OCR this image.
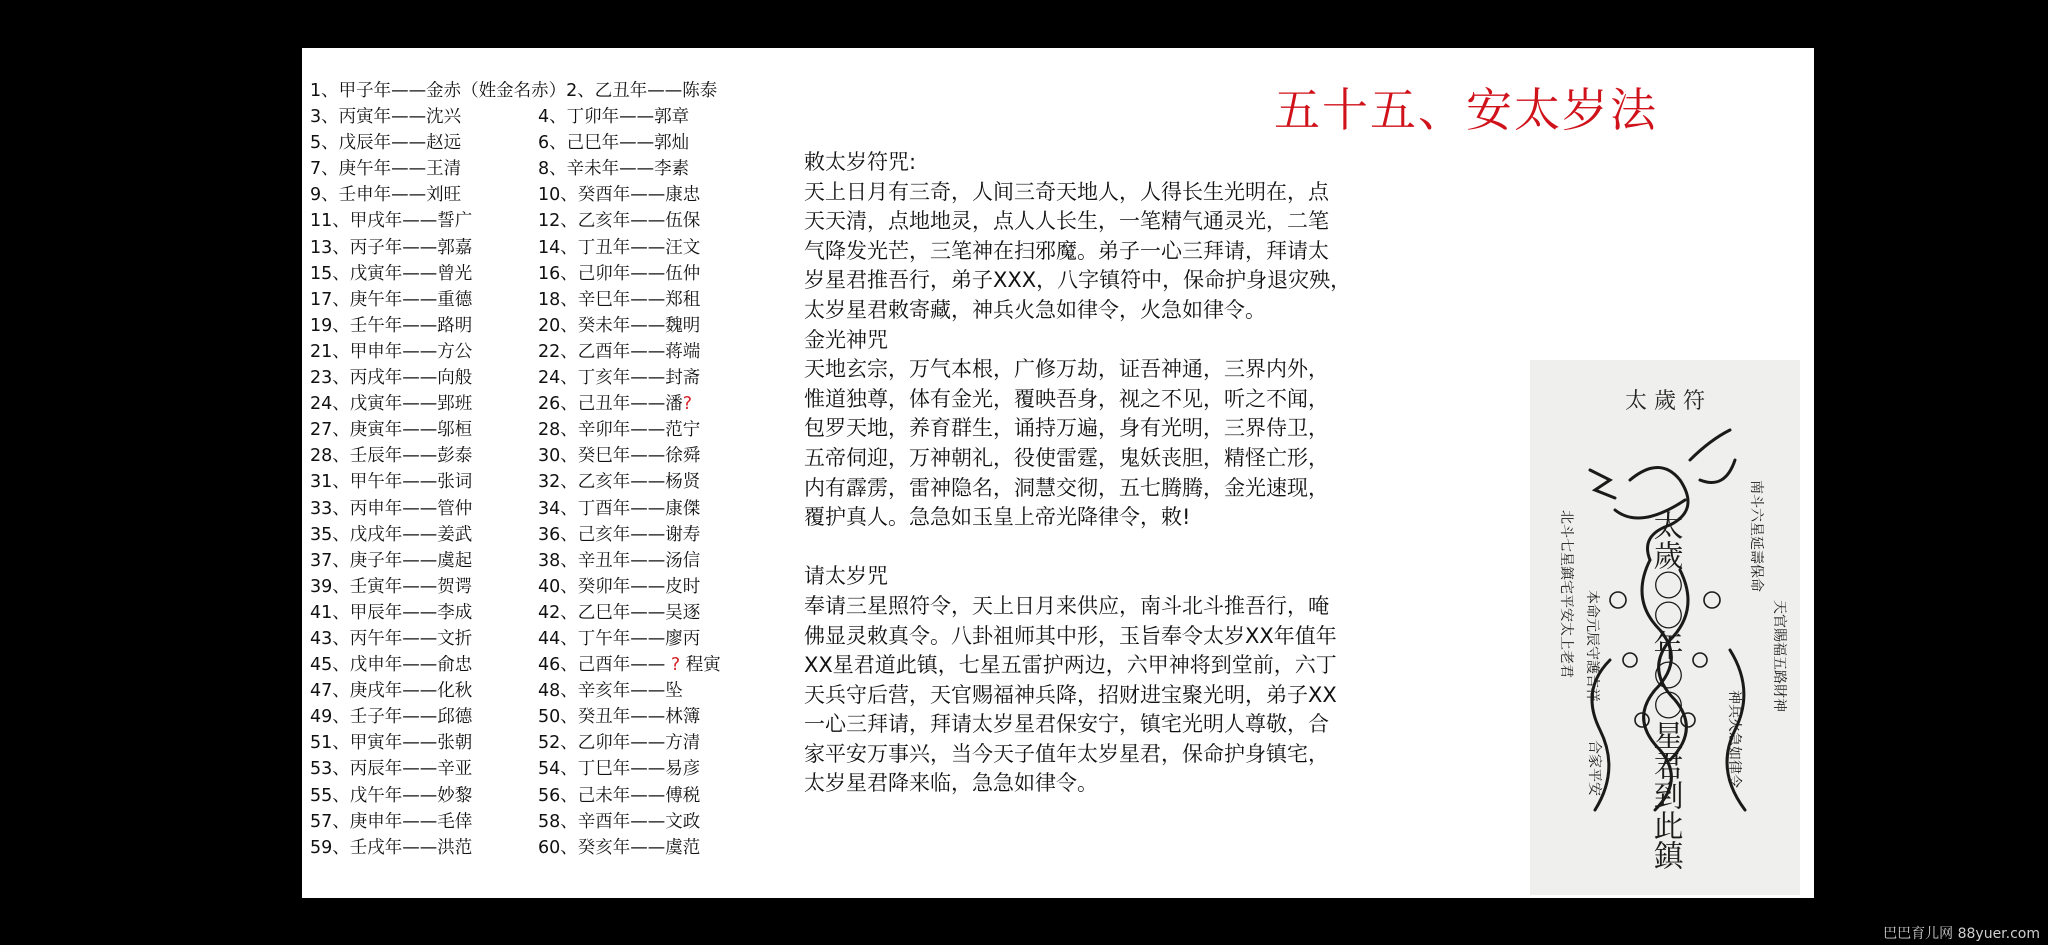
1、甲子年——金赤（姓金名赤）2、乙丑年——陈泰
3、丙寅年——沈兴	4、丁卯年——郭章
5、戊辰年——赵远	6、己巳年——郭灿
7、庚午年——王清	8、辛未年——李素
9、壬申年——刘旺	10、癸酉年——康忠
11、甲戌年——誓广	12、乙亥年——伍保
13、丙子年——郭嘉	14、丁丑年——汪文
15、戊寅年——曾光	16、己卯年——伍仲
17、庚午年——重德	18、辛巳年——郑租
19、壬午年——路明	20、癸未年——魏明
21、甲申年——方公	22、乙酉年——蒋端
23、丙戌年——向般	24、丁亥年——封斋
24、戊寅年——郢班	26、己丑年——潘?
27、庚寅年——邬桓	28、辛卯年——范宁
28、壬辰年——彭泰	30、癸巳年——徐舜
31、甲午年——张词	32、乙亥年——杨贤
33、丙申年——管仲	34、丁酉年——康傑
35、戊戌年——姜武	36、己亥年——谢寿
37、庚子年——虞起	38、辛丑年——汤信
39、壬寅年——贺谔	40、癸卯年——皮时
41、甲辰年——李成	42、乙巳年——吴逐
43、丙午年——文折	44、丁午年——廖丙
45、戊申年——俞忠	46、己酉年—— ? 程寅
47、庚戌年——化秋	48、辛亥年——坠
49、壬子年——邱德	50、癸丑年——林簿
51、甲寅年——张朝	52、乙卯年——方清
53、丙辰年——辛亚	54、丁巳年——易彦
55、戊午年——妙黎	56、己未年——傅税
57、庚申年——毛倖	58、辛酉年——文政
59、壬戌年——洪范	60、癸亥年——虞范
五十五、安太岁法
敕太岁符咒:
天上日月有三奇，人间三奇天地人，人得长生光明在，点
天天清，点地地灵，点人人长生，一笔精气通灵光，二笔
气降发光芒，三笔神在扫邪魔。弟子一心三拜请，拜请太
岁星君推吾行，弟子XXX，八字镇符中，保命护身退灾殃，
太岁星君敕寄藏，神兵火急如律令，火急如律令。
金光神咒
天地玄宗，万气本根，广修万劫，证吾神通，三界内外，
惟道独尊，体有金光，覆映吾身，视之不见，听之不闻，
包罗天地，养育群生，诵持万遍，身有光明，三界侍卫，
五帝伺迎，万神朝礼，役使雷霆，鬼妖丧胆，精怪亡形，
内有霹雳，雷神隐名，洞慧交彻，五七腾腾，金光速现，
覆护真人。急急如玉皇上帝光降律令，敕!
请太岁咒
奉请三星照符令，天上日月来供应，南斗北斗推吾行，唵
佛显灵敕真令。八卦祖师其中形，玉旨奉令太岁XX年值年
XX星君道此镇，七星五雷护两边，六甲神将到堂前，六丁
天兵守后营，天官赐福神兵降，招财进宝聚光明，弟子XX
一心三拜请，拜请太岁星君保安宁，镇宅光明人尊敬，合
家平安万事兴，当今天子值年太岁星君，保命护身镇宅，
太岁星君降来临，急急如律令。
太 歲 符
太歲〇〇年〇〇星君到此鎮
北斗七星鎮宅平安太上老君 本命元辰守護吉祥
南斗六星延壽保命
天官賜福五路財神
神兵火急如律令
合家平安
巴巴育儿网 88yuer.com
